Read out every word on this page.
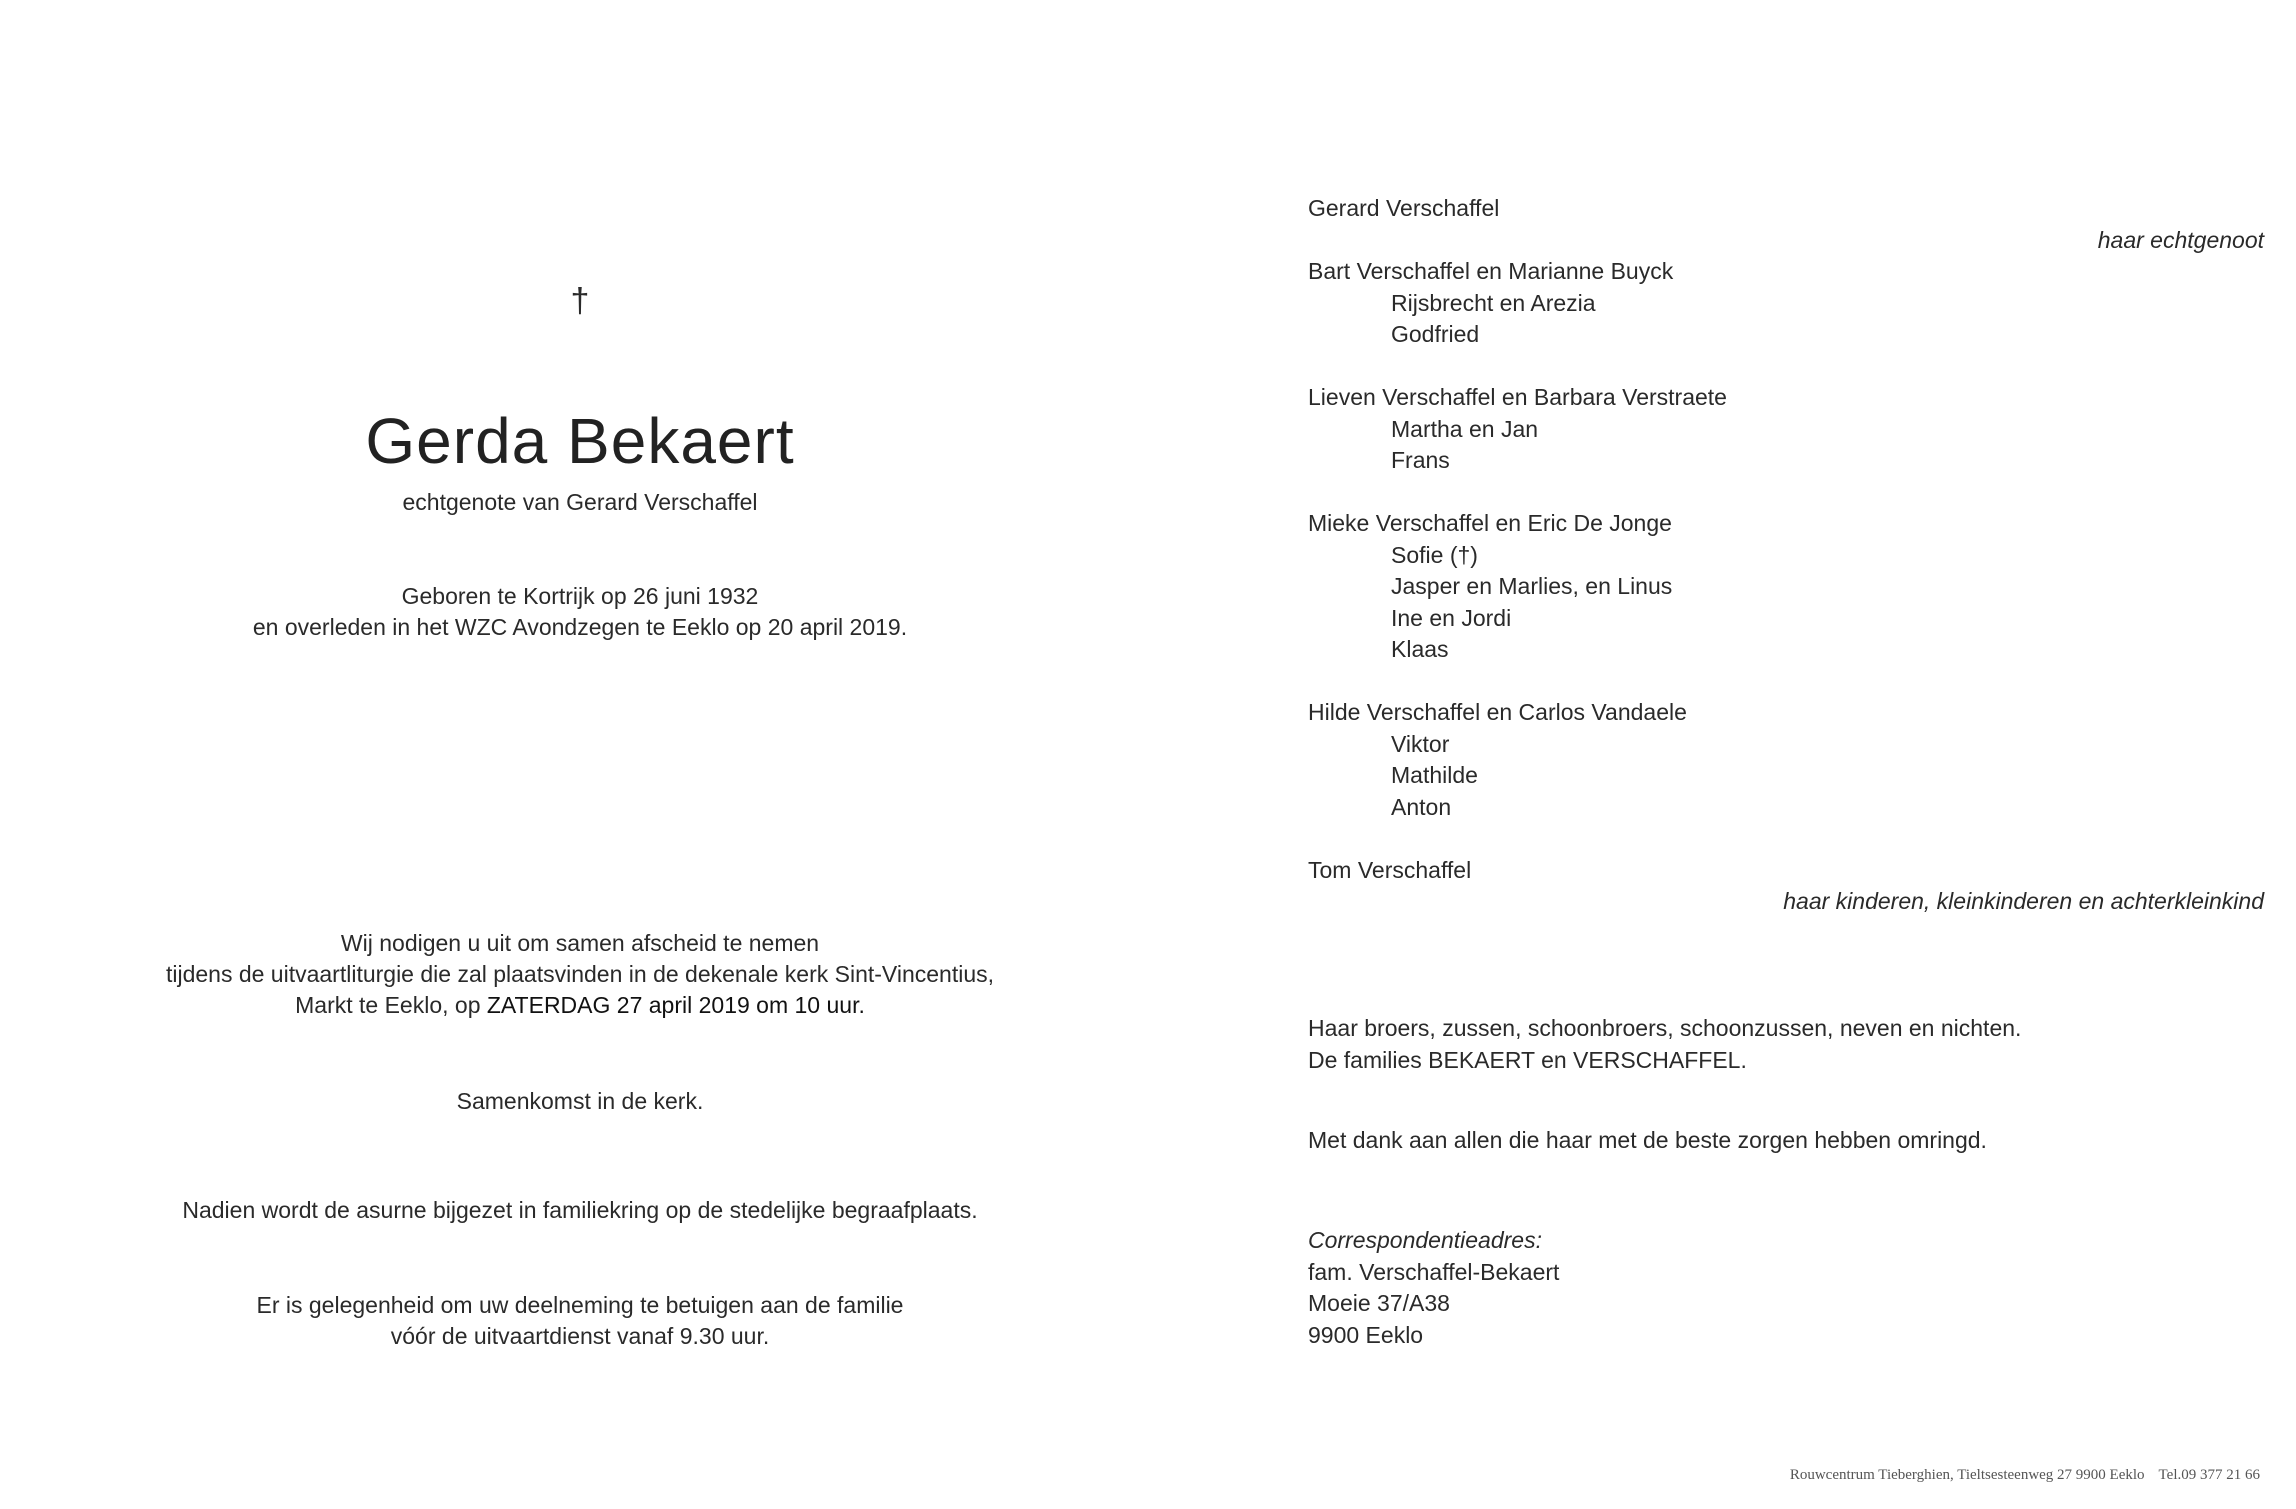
†
Gerda Bekaert
echtgenote van Gerard Verschaffel
Geboren te Kortrijk op 26 juni 1932
en overleden in het WZC Avondzegen te Eeklo op 20 april 2019.
Wij nodigen u uit om samen afscheid te nemen
tijdens de uitvaartliturgie die zal plaatsvinden in de dekenale kerk Sint-Vincentius,
Markt te Eeklo, op ZATERDAG 27 april 2019 om 10 uur.
Samenkomst in de kerk.
Nadien wordt de asurne bijgezet in familiekring op de stedelijke begraafplaats.
Er is gelegenheid om uw deelneming te betuigen aan de familie
vóór de uitvaartdienst vanaf 9.30 uur.
Gerard Verschaffel
haar echtgenoot
Bart Verschaffel en Marianne Buyck
Rijsbrecht en Arezia
Godfried
Lieven Verschaffel en Barbara Verstraete
Martha en Jan
Frans
Mieke Verschaffel en Eric De Jonge
Sofie (†)
Jasper en Marlies, en Linus
Ine en Jordi
Klaas
Hilde Verschaffel en Carlos Vandaele
Viktor
Mathilde
Anton
Tom Verschaffel
haar kinderen, kleinkinderen en achterkleinkind
Haar broers, zussen, schoonbroers, schoonzussen, neven en nichten.
De families BEKAERT en VERSCHAFFEL.
Met dank aan allen die haar met de beste zorgen hebben omringd.
Correspondentieadres:
fam. Verschaffel-Bekaert
Moeie 37/A38
9900 Eeklo
Rouwcentrum Tieberghien, Tieltsesteenweg 27 9900 Eeklo Tel.09 377 21 66
